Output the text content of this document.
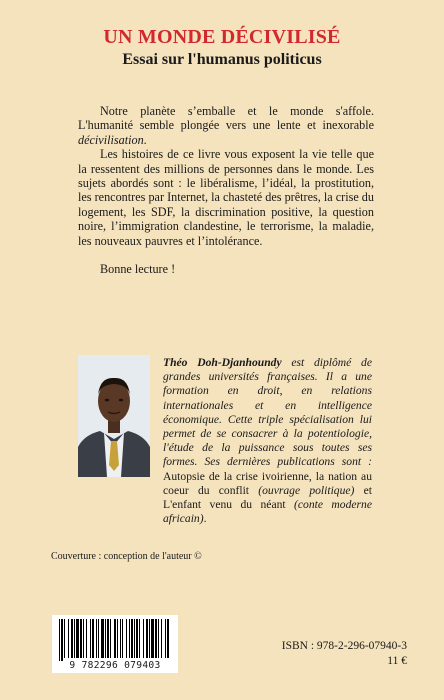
UN MONDE DÉCIVILISÉ
Essai sur l'humanus politicus

Notre planète s’emballe et le monde s'affole. L'humanité semble plongée vers une lente et inexorable décivilisation.

Les histoires de ce livre vous exposent la vie telle que la ressentent des millions de personnes dans le monde. Les sujets abordés sont : le libéralisme, l’idéal, la prostitution, les rencontres par Internet, la chasteté des prêtres, la crise du logement, les SDF, la discrimination positive, la question noire, l’immigration clandestine, le terrorisme, la maladie, les nouveaux pauvres et l’intolérance.

Bonne lecture !

Théo Doh-Djanhoundy est diplômé de grandes universités françaises. Il a une formation en droit, en relations internationales et en intelligence économique. Cette triple spécialisation lui permet de se consacrer à la potentiologie, l'étude de la puissance sous toutes ses formes. Ses dernières publications sont : Autopsie de la crise ivoirienne, la nation au coeur du conflit (ouvrage politique) et L'enfant venu du néant (conte moderne africain).
Couverture : conception de l'auteur ©
9 782296 079403
ISBN : 978-2-296-07940-3
11 €
